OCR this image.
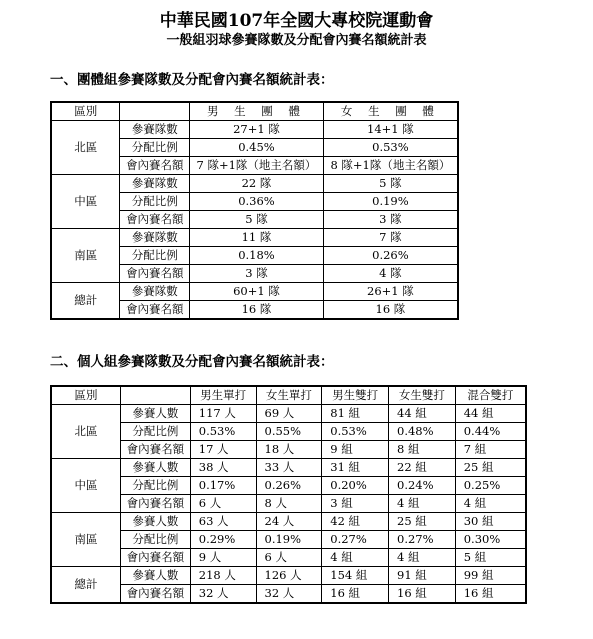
中華民國107年全國大專校院運動會
一般組羽球參賽隊數及分配會內賽名額統計表
一、團體組參賽隊數及分配會內賽名額統計表：
區別		男 生 團 體	女 生 團 體
北區	參賽隊數	27+1 隊	14+1 隊
	分配比例	0.45%	0.53%
	會內賽名額	7 隊+1隊（地主名額）	8 隊+1隊（地主名額）
中區	參賽隊數	22 隊	5 隊
	分配比例	0.36%	0.19%
	會內賽名額	5 隊	3 隊
南區	參賽隊數	11 隊	7 隊
	分配比例	0.18%	0.26%
	會內賽名額	3 隊	4 隊
總計	參賽隊數	60+1 隊	26+1 隊
	會內賽名額	16 隊	16 隊
二、個人組參賽隊數及分配會內賽名額統計表：
區別		男生單打	女生單打	男生雙打	女生雙打	混合雙打
北區	參賽人數	117 人	69 人	81 組	44 組	44 組
	分配比例	0.53%	0.55%	0.53%	0.48%	0.44%
	會內賽名額	17 人	18 人	9 組	8 組	7 組
中區	參賽人數	38 人	33 人	31 組	22 組	25 組
	分配比例	0.17%	0.26%	0.20%	0.24%	0.25%
	會內賽名額	6 人	8 人	3 組	4 組	4 組
南區	參賽人數	63 人	24 人	42 組	25 組	30 組
	分配比例	0.29%	0.19%	0.27%	0.27%	0.30%
	會內賽名額	9 人	6 人	4 組	4 組	5 組
總計	參賽人數	218 人	126 人	154 組	91 組	99 組
	會內賽名額	32 人	32 人	16 組	16 組	16 組
